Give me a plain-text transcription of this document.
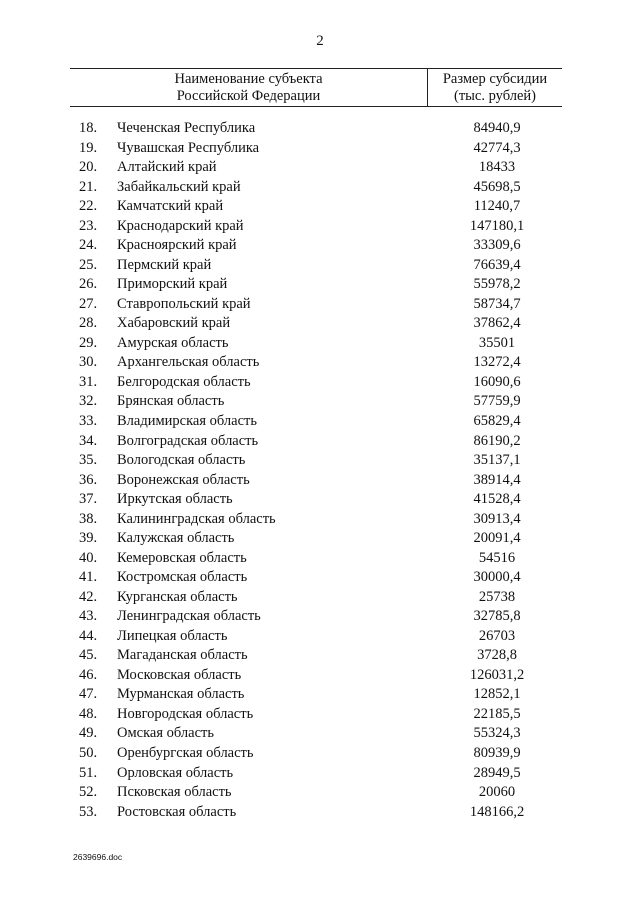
2
Наименование субъекта
Российской Федерации
Размер субсидии
(тыс. рублей)
18.	Чеченская Республика	84940,9
19.	Чувашская Республика	42774,3
20.	Алтайский край	18433
21.	Забайкальский край	45698,5
22.	Камчатский край	11240,7
23.	Краснодарский край	147180,1
24.	Красноярский край	33309,6
25.	Пермский край	76639,4
26.	Приморский край	55978,2
27.	Ставропольский край	58734,7
28.	Хабаровский край	37862,4
29.	Амурская область	35501
30.	Архангельская область	13272,4
31.	Белгородская область	16090,6
32.	Брянская область	57759,9
33.	Владимирская область	65829,4
34.	Волгоградская область	86190,2
35.	Вологодская область	35137,1
36.	Воронежская область	38914,4
37.	Иркутская область	41528,4
38.	Калининградская область	30913,4
39.	Калужская область	20091,4
40.	Кемеровская область	54516
41.	Костромская область	30000,4
42.	Курганская область	25738
43.	Ленинградская область	32785,8
44.	Липецкая область	26703
45.	Магаданская область	3728,8
46.	Московская область	126031,2
47.	Мурманская область	12852,1
48.	Новгородская область	22185,5
49.	Омская область	55324,3
50.	Оренбургская область	80939,9
51.	Орловская область	28949,5
52.	Псковская область	20060
53.	Ростовская область	148166,2
2639696.doc
